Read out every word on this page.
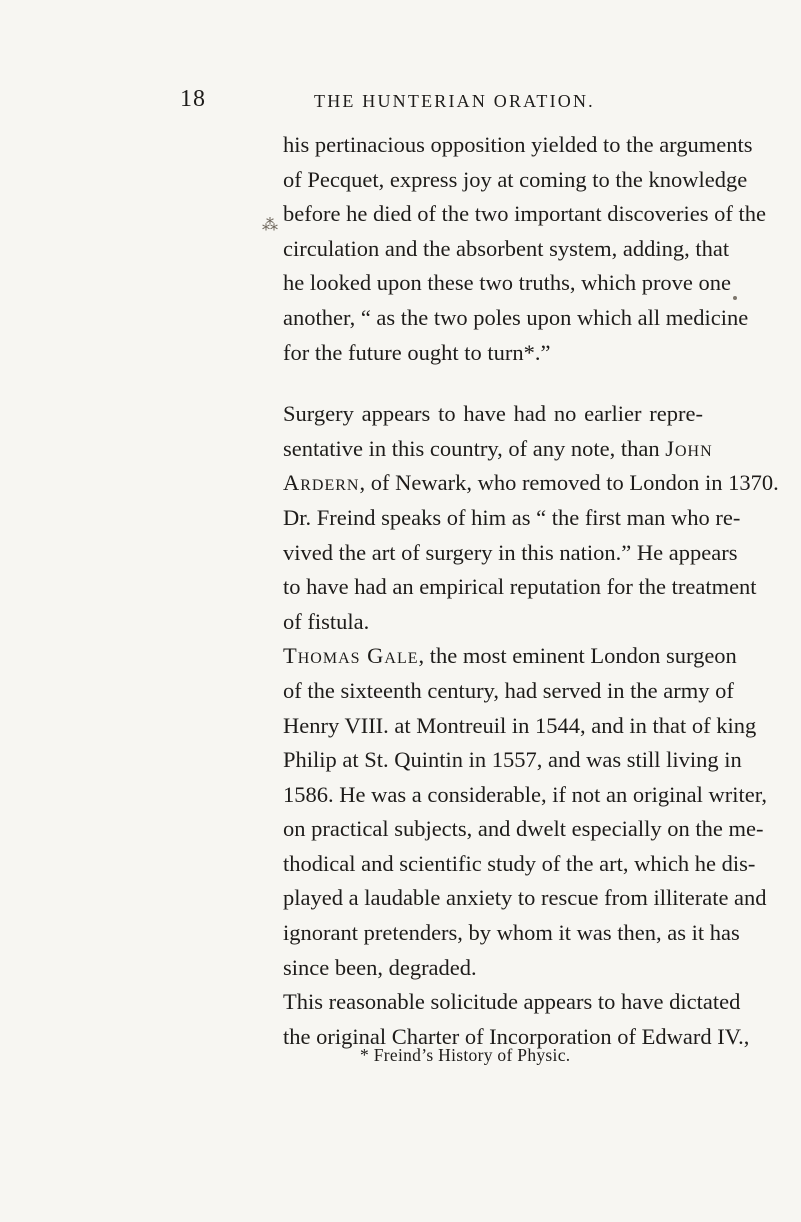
⁂
18	THE HUNTERIAN ORATION.
his pertinacious opposition yielded to the arguments
of Pecquet, express joy at coming to the knowledge
before he died of the two important discoveries of the
circulation and the absorbent system, adding, that
he looked upon these two truths, which prove one
another, “ as the two poles upon which all medicine
for the future ought to turn*.”
Surgery appears to have had no earlier repre-
sentative in this country, of any note, than John
Ardern, of Newark, who removed to London in 1370.
Dr. Freind speaks of him as “ the first man who re-
vived the art of surgery in this nation.” He appears
to have had an empirical reputation for the treatment
of fistula.
Thomas Gale, the most eminent London surgeon
of the sixteenth century, had served in the army of
Henry VIII. at Montreuil in 1544, and in that of king
Philip at St. Quintin in 1557, and was still living in
1586. He was a considerable, if not an original writer,
on practical subjects, and dwelt especially on the me-
thodical and scientific study of the art, which he dis-
played a laudable anxiety to rescue from illiterate and
ignorant pretenders, by whom it was then, as it has
since been, degraded.
This reasonable solicitude appears to have dictated
the original Charter of Incorporation of Edward IV.,
* Freind’s History of Physic.
